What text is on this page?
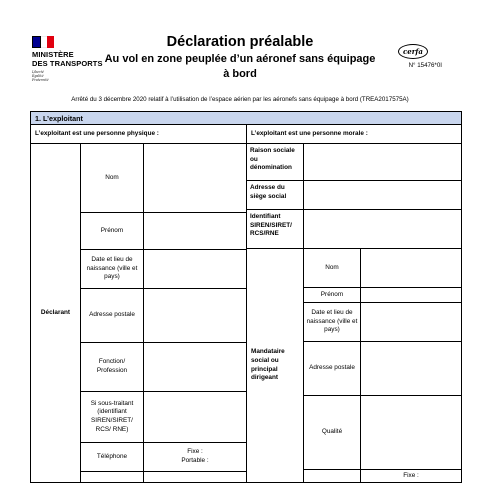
MINISTÈRE
DES TRANSPORTS
Liberté
Égalité
Fraternité
Déclaration préalable
Au vol en zone peuplée d’un aéronef sans équipage
à bord
cerfa
N° 15476*0I
Arrêté du 3 décembre 2020 relatif à l’utilisation de l’espace aérien par les aéronefs sans équipage à bord (TREA2017575A)
1. L’exploitant
L’exploitant est une personne physique :	L’exploitant est une personne morale :
Déclarant
Nom
Prénom
Date et lieu de naissance (ville et pays)
Adresse postale
Fonction/ Profession
Si sous-traitant (identifiant SIREN/SIRET/ RCS/ RNE)
Téléphone
Fixe :
Portable :
Raison sociale ou dénomination
Adresse du siège social
Identifiant SIREN/SIRET/ RCS/RNE
Mandataire social ou principal dirigeant
Nom
Prénom
Date et lieu de naissance (ville et pays)
Adresse postale
Qualité
Fixe :
